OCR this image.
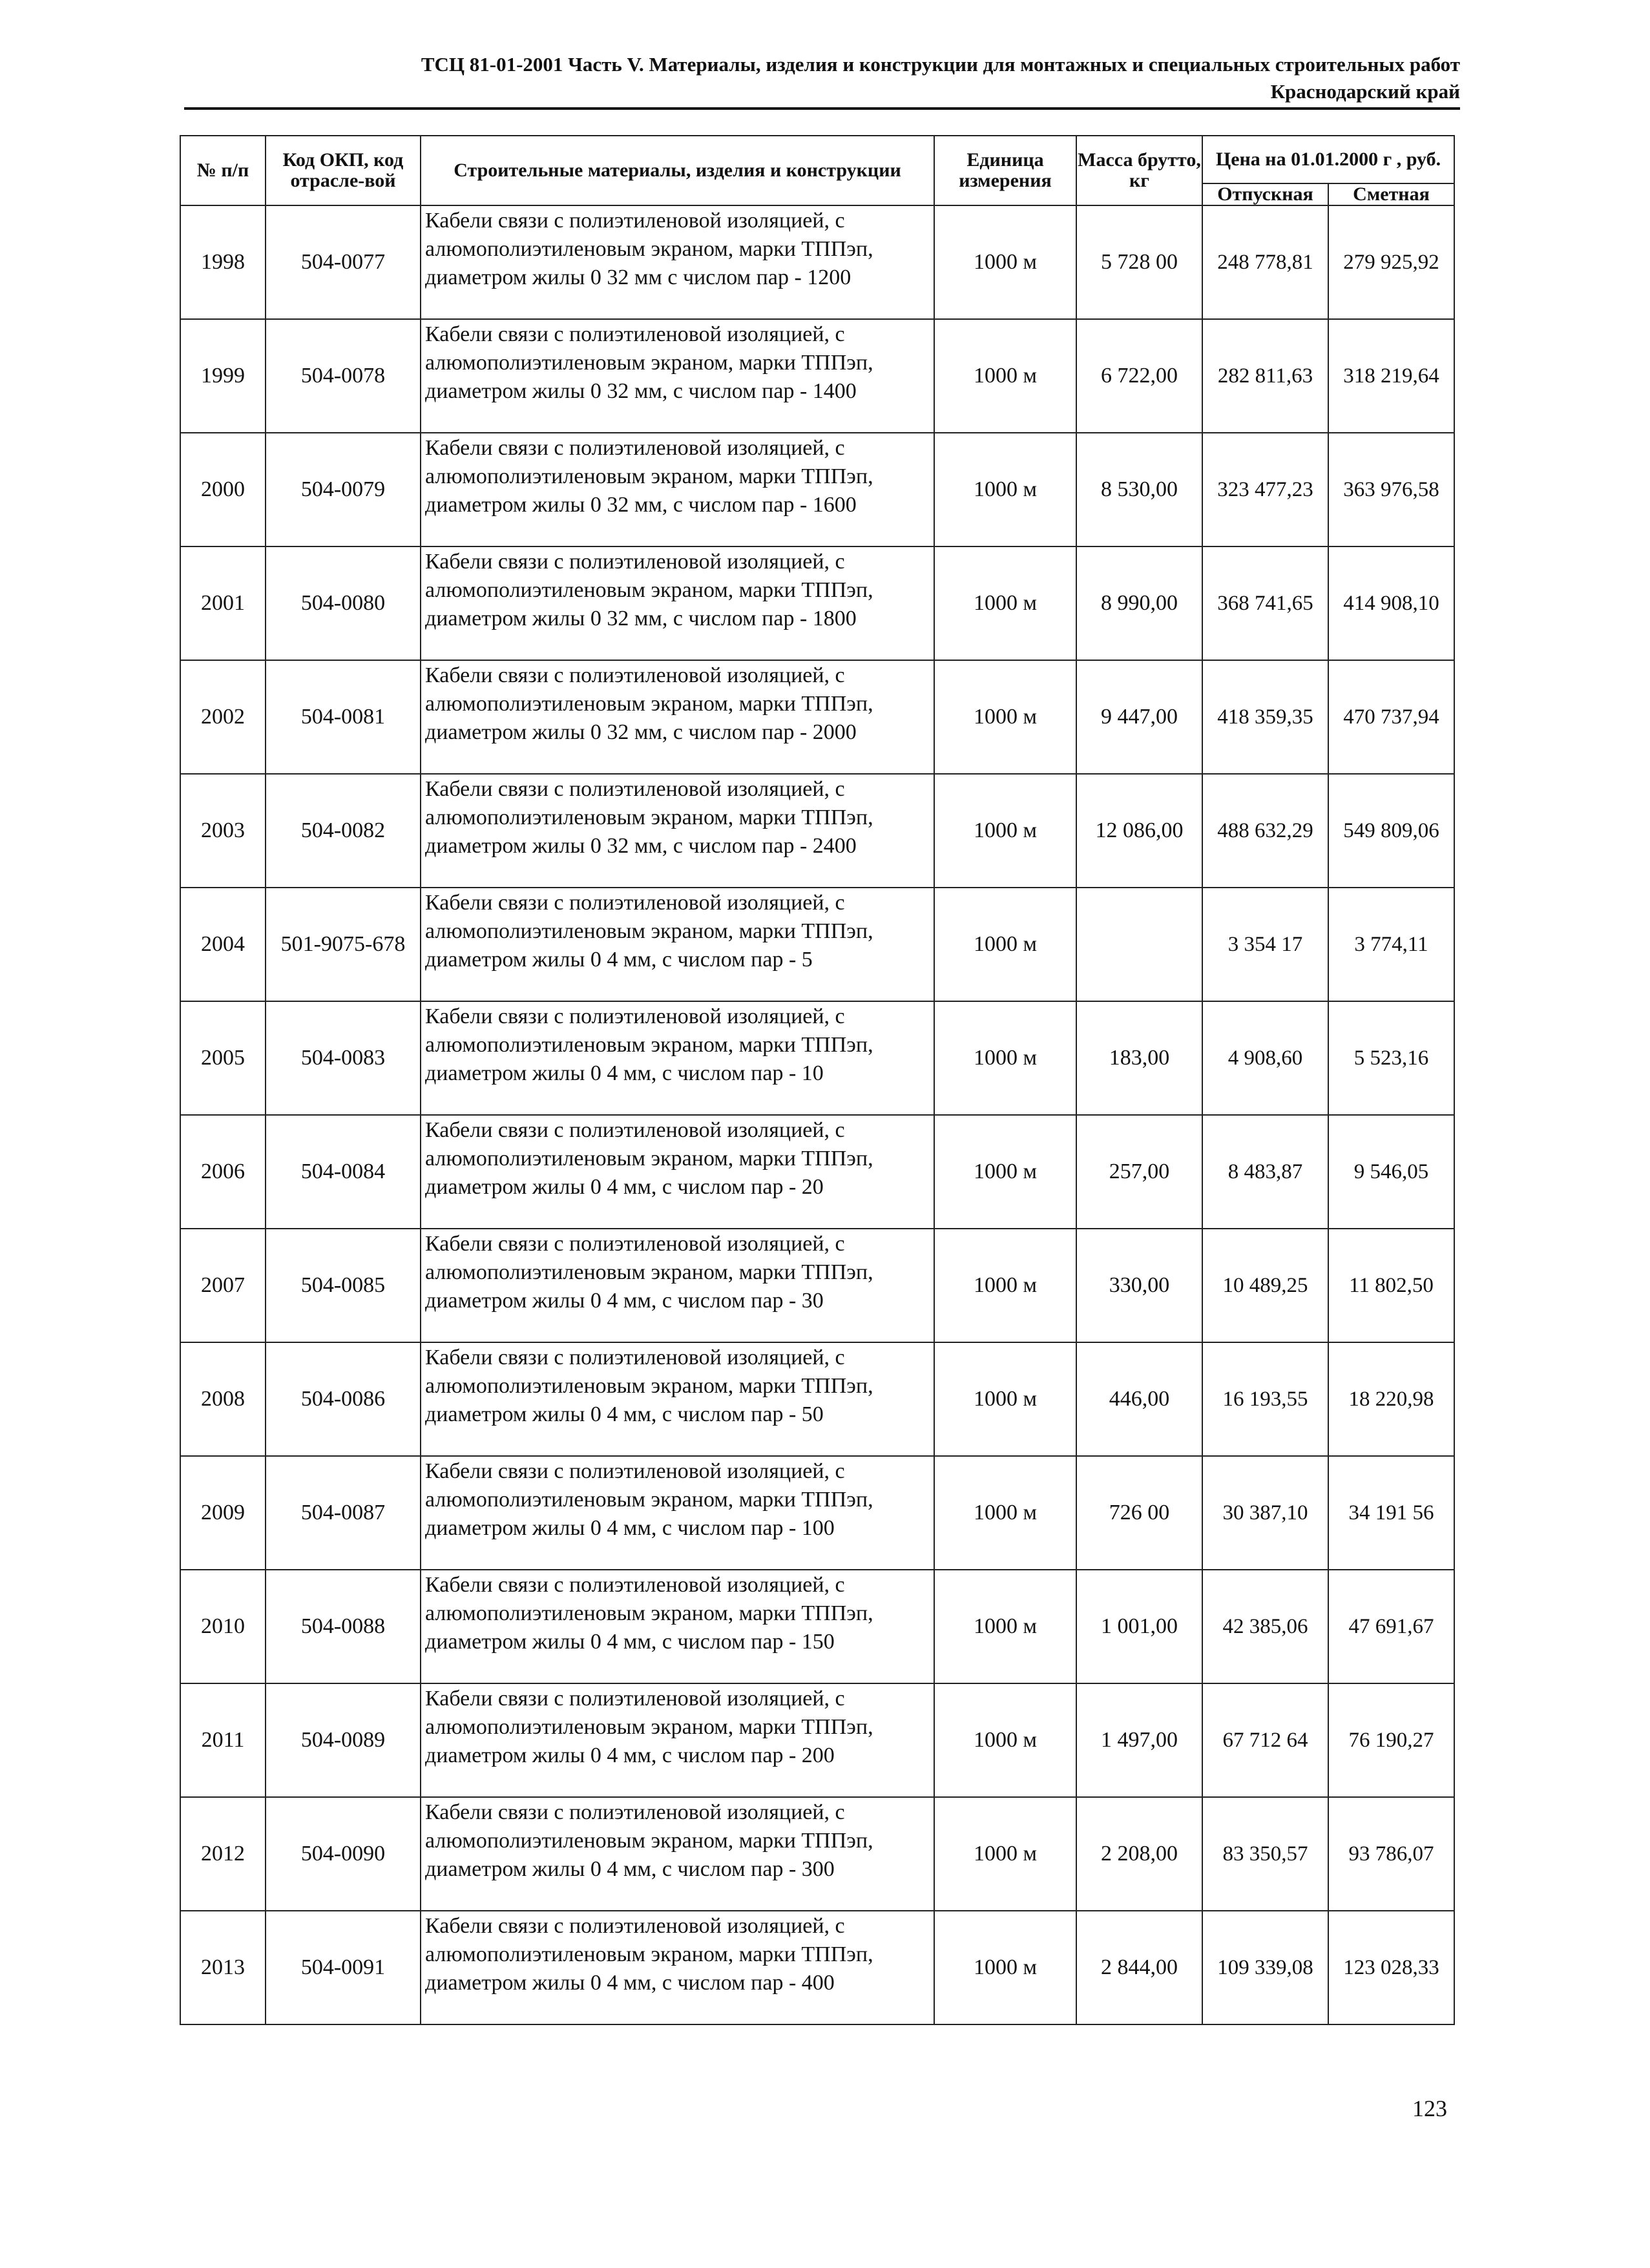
ТСЦ 81-01-2001 Часть V. Материалы, изделия и конструкции для монтажных и специальных строительных работ
Краснодарский край
№ п/п	Код ОКП, код отрасле-вой	Строительные материалы, изделия и конструкции	Единица измерения	Масса брутто, кг	Цена на 01.01.2000 г , руб.	
					Отпускная	Сметная
1998	504-0077	Кабели связи с полиэтиленовой изоляцией, с алюмополиэтиленовым экраном, марки ТППэп, диаметром жилы 0 32 мм с числом пар - 1200	1000 м	5 728 00	248 778,81	279 925,92
1999	504-0078	Кабели связи с полиэтиленовой изоляцией, с алюмополиэтиленовым экраном, марки ТППэп, диаметром жилы 0 32 мм, с числом пар - 1400	1000 м	6 722,00	282 811,63	318 219,64
2000	504-0079	Кабели связи с полиэтиленовой изоляцией, с алюмополиэтиленовым экраном, марки ТППэп, диаметром жилы 0 32 мм, с числом пар - 1600	1000 м	8 530,00	323 477,23	363 976,58
2001	504-0080	Кабели связи с полиэтиленовой изоляцией, с алюмополиэтиленовым экраном, марки ТППэп, диаметром жилы 0 32 мм, с числом пар - 1800	1000 м	8 990,00	368 741,65	414 908,10
2002	504-0081	Кабели связи с полиэтиленовой изоляцией, с алюмополиэтиленовым экраном, марки ТППэп, диаметром жилы 0 32 мм, с числом пар - 2000	1000 м	9 447,00	418 359,35	470 737,94
2003	504-0082	Кабели связи с полиэтиленовой изоляцией, с алюмополиэтиленовым экраном, марки ТППэп, диаметром жилы 0 32 мм, с числом пар - 2400	1000 м	12 086,00	488 632,29	549 809,06
2004	501-9075-678	Кабели связи с полиэтиленовой изоляцией, с алюмополиэтиленовым экраном, марки ТППэп, диаметром жилы 0 4 мм, с числом пар - 5	1000 м		3 354 17	3 774,11
2005	504-0083	Кабели связи с полиэтиленовой изоляцией, с алюмополиэтиленовым экраном, марки ТППэп, диаметром жилы 0 4 мм, с числом пар - 10	1000 м	183,00	4 908,60	5 523,16
2006	504-0084	Кабели связи с полиэтиленовой изоляцией, с алюмополиэтиленовым экраном, марки ТППэп, диаметром жилы 0 4 мм, с числом пар - 20	1000 м	257,00	8 483,87	9 546,05
2007	504-0085	Кабели связи с полиэтиленовой изоляцией, с алюмополиэтиленовым экраном, марки ТППэп, диаметром жилы 0 4 мм, с числом пар - 30	1000 м	330,00	10 489,25	11 802,50
2008	504-0086	Кабели связи с полиэтиленовой изоляцией, с алюмополиэтиленовым экраном, марки ТППэп, диаметром жилы 0 4 мм, с числом пар - 50	1000 м	446,00	16 193,55	18 220,98
2009	504-0087	Кабели связи с полиэтиленовой изоляцией, с алюмополиэтиленовым экраном, марки ТППэп, диаметром жилы 0 4 мм, с числом пар - 100	1000 м	726 00	30 387,10	34 191 56
2010	504-0088	Кабели связи с полиэтиленовой изоляцией, с алюмополиэтиленовым экраном, марки ТППэп, диаметром жилы 0 4 мм, с числом пар - 150	1000 м	1 001,00	42 385,06	47 691,67
2011	504-0089	Кабели связи с полиэтиленовой изоляцией, с алюмополиэтиленовым экраном, марки ТППэп, диаметром жилы 0 4 мм, с числом пар - 200	1000 м	1 497,00	67 712 64	76 190,27
2012	504-0090	Кабели связи с полиэтиленовой изоляцией, с алюмополиэтиленовым экраном, марки ТППэп, диаметром жилы 0 4 мм, с числом пар - 300	1000 м	2 208,00	83 350,57	93 786,07
2013	504-0091	Кабели связи с полиэтиленовой изоляцией, с алюмополиэтиленовым экраном, марки ТППэп, диаметром жилы 0 4 мм, с числом пар - 400	1000 м	2 844,00	109 339,08	123 028,33
123
